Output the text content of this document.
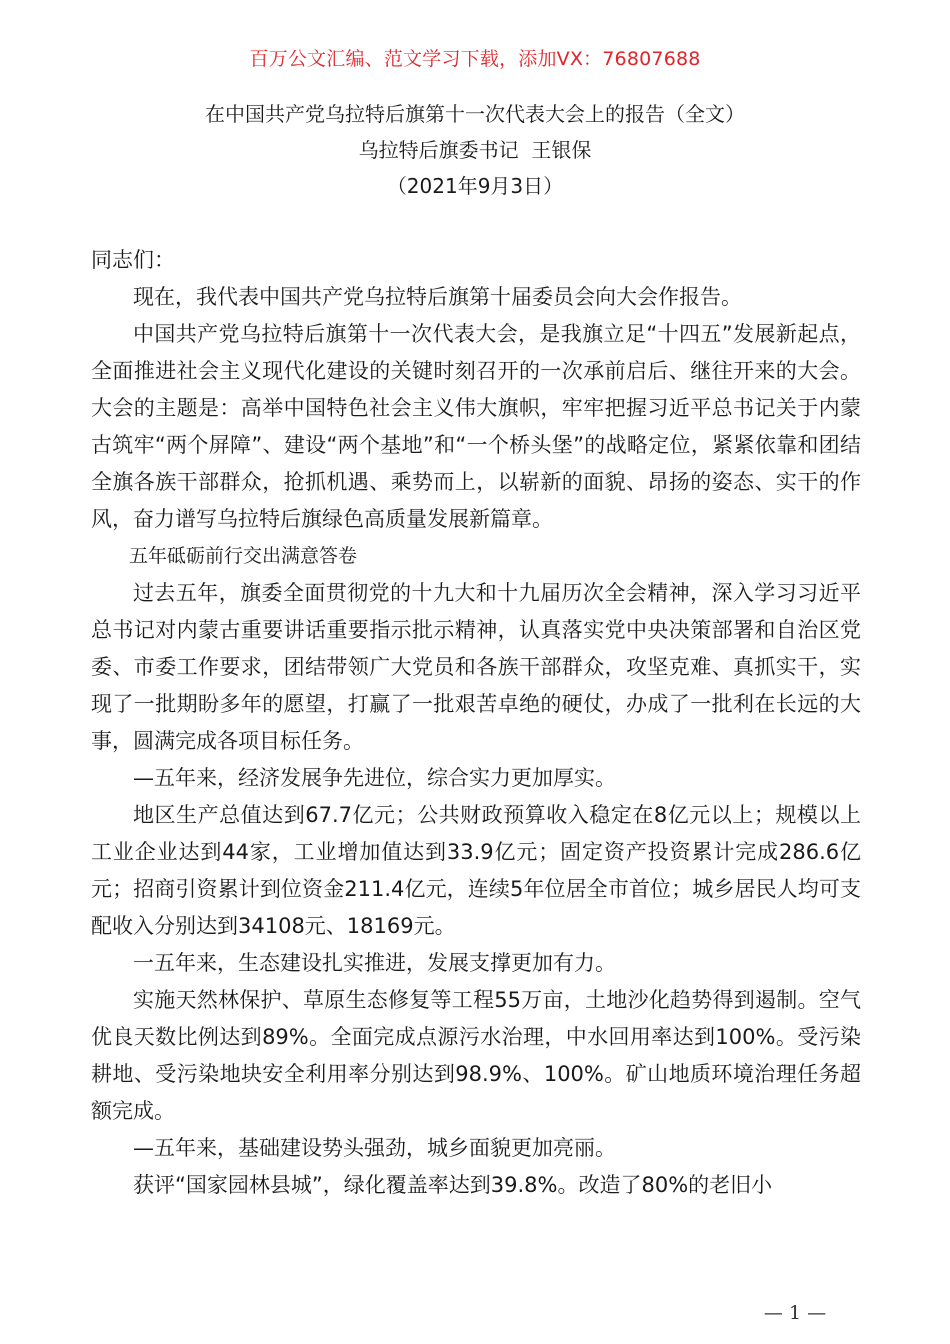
百万公文汇编、范文学习下载，添加VX：76807688
在中国共产党乌拉特后旗第十一次代表大会上的报告（全文）
乌拉特后旗委书记  王银保
（2021年9月3日）

同志们：

现在，我代表中国共产党乌拉特后旗第十届委员会向大会作报告。

中国共产党乌拉特后旗第十一次代表大会，是我旗立足“十四五”发展新起点，全面推进社会主义现代化建设的关键时刻召开的一次承前启后、继往开来的大会。大会的主题是：高举中国特色社会主义伟大旗帜，牢牢把握习近平总书记关于内蒙古筑牢“两个屏障”、建设“两个基地”和“一个桥头堡”的战略定位，紧紧依靠和团结全旗各族干部群众，抢抓机遇、乘势而上，以崭新的面貌、昂扬的姿态、实干的作风，奋力谱写乌拉特后旗绿色高质量发展新篇章。

五年砥砺前行交出满意答卷

过去五年，旗委全面贯彻党的十九大和十九届历次全会精神，深入学习习近平总书记对内蒙古重要讲话重要指示批示精神，认真落实党中央决策部署和自治区党委、市委工作要求，团结带领广大党员和各族干部群众，攻坚克难、真抓实干，实现了一批期盼多年的愿望，打赢了一批艰苦卓绝的硬仗，办成了一批利在长远的大事，圆满完成各项目标任务。

—五年来，经济发展争先进位，综合实力更加厚实。

地区生产总值达到67.7亿元；公共财政预算收入稳定在8亿元以上；规模以上工业企业达到44家，工业增加值达到33.9亿元；固定资产投资累计完成286.6亿元；招商引资累计到位资金211.4亿元，连续5年位居全市首位；城乡居民人均可支配收入分别达到34108元、18169元。

一五年来，生态建设扎实推进，发展支撑更加有力。

实施天然林保护、草原生态修复等工程55万亩，土地沙化趋势得到遏制。空气优良天数比例达到89%。全面完成点源污水治理，中水回用率达到100%。受污染耕地、受污染地块安全利用率分别达到98.9%、100%。矿山地质环境治理任务超额完成。

—五年来，基础建设势头强劲，城乡面貌更加亮丽。

获评“国家园林县城”，绿化覆盖率达到39.8%。改造了80%的老旧小

— 1 —
